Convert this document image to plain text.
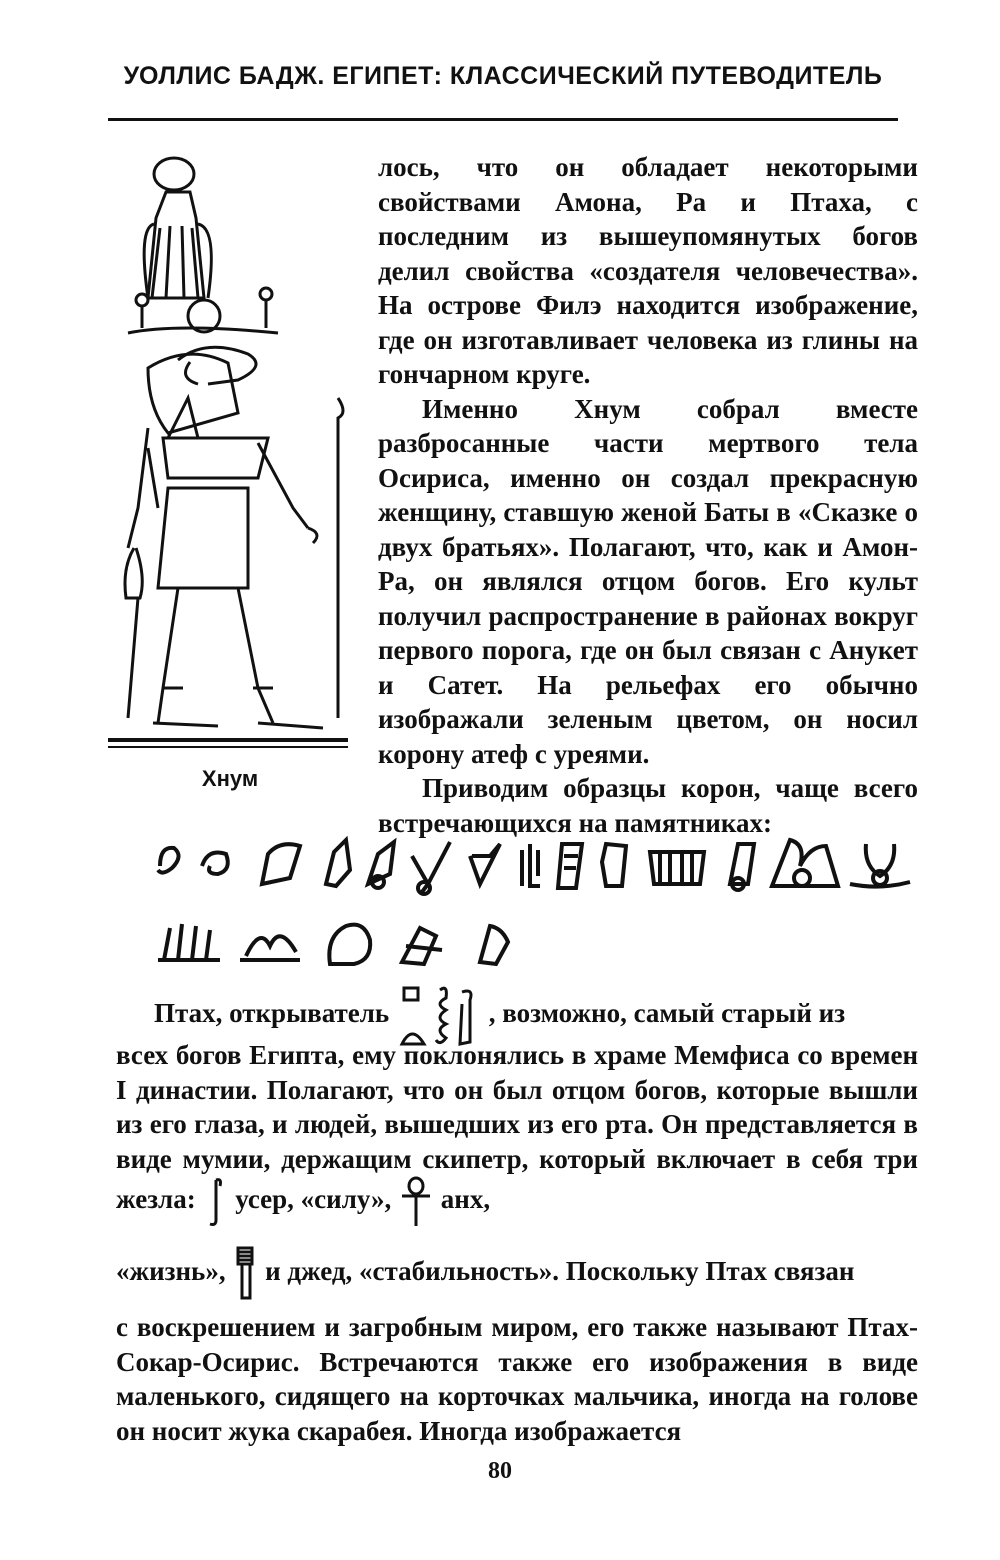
УОЛЛИС БАДЖ. ЕГИПЕТ: КЛАССИЧЕСКИЙ ПУТЕВОДИТЕЛЬ
Хнум

лось, что он обладает некоторыми свойствами Амона, Ра и Птаха, с последним из вышеупомянутых богов делил свойства «создателя человечества». На острове Филэ находится изображение, где он изготавливает человека из глины на гончарном круге.

Именно Хнум собрал вместе разбросанные части мертвого тела Осириса, именно он создал прекрасную женщину, ставшую женой Баты в «Сказке о двух братьях». Полагают, что, как и Амон-Ра, он являлся отцом богов. Его культ получил распространение в районах вокруг первого порога, где он был связан с Анукет и Сатет. На рельефах его обычно изображали зеленым цветом, он носил корону атеф с уреями.

Приводим образцы корон, чаще всего встречающихся на памятниках:

Птах, открыватель	, возможно, самый старый из

всех богов Египта, ему поклонялись в храме Мемфиса со времен I династии. Полагают, что он был отцом богов, которые вышли из его глаза, и людей, вышедших из его рта. Он представляется в виде мумии, держащим скипетр, который включает в себя три жезла: усер, «силу», анх,

«жизнь», и джед, «стабильность». Поскольку Птах связан

с воскрешением и загробным миром, его также называют Птах-Сокар-Осирис. Встречаются также его изображения в виде маленького, сидящего на корточках мальчика, иногда на голове он носит жука скарабея. Иногда изображается

80
